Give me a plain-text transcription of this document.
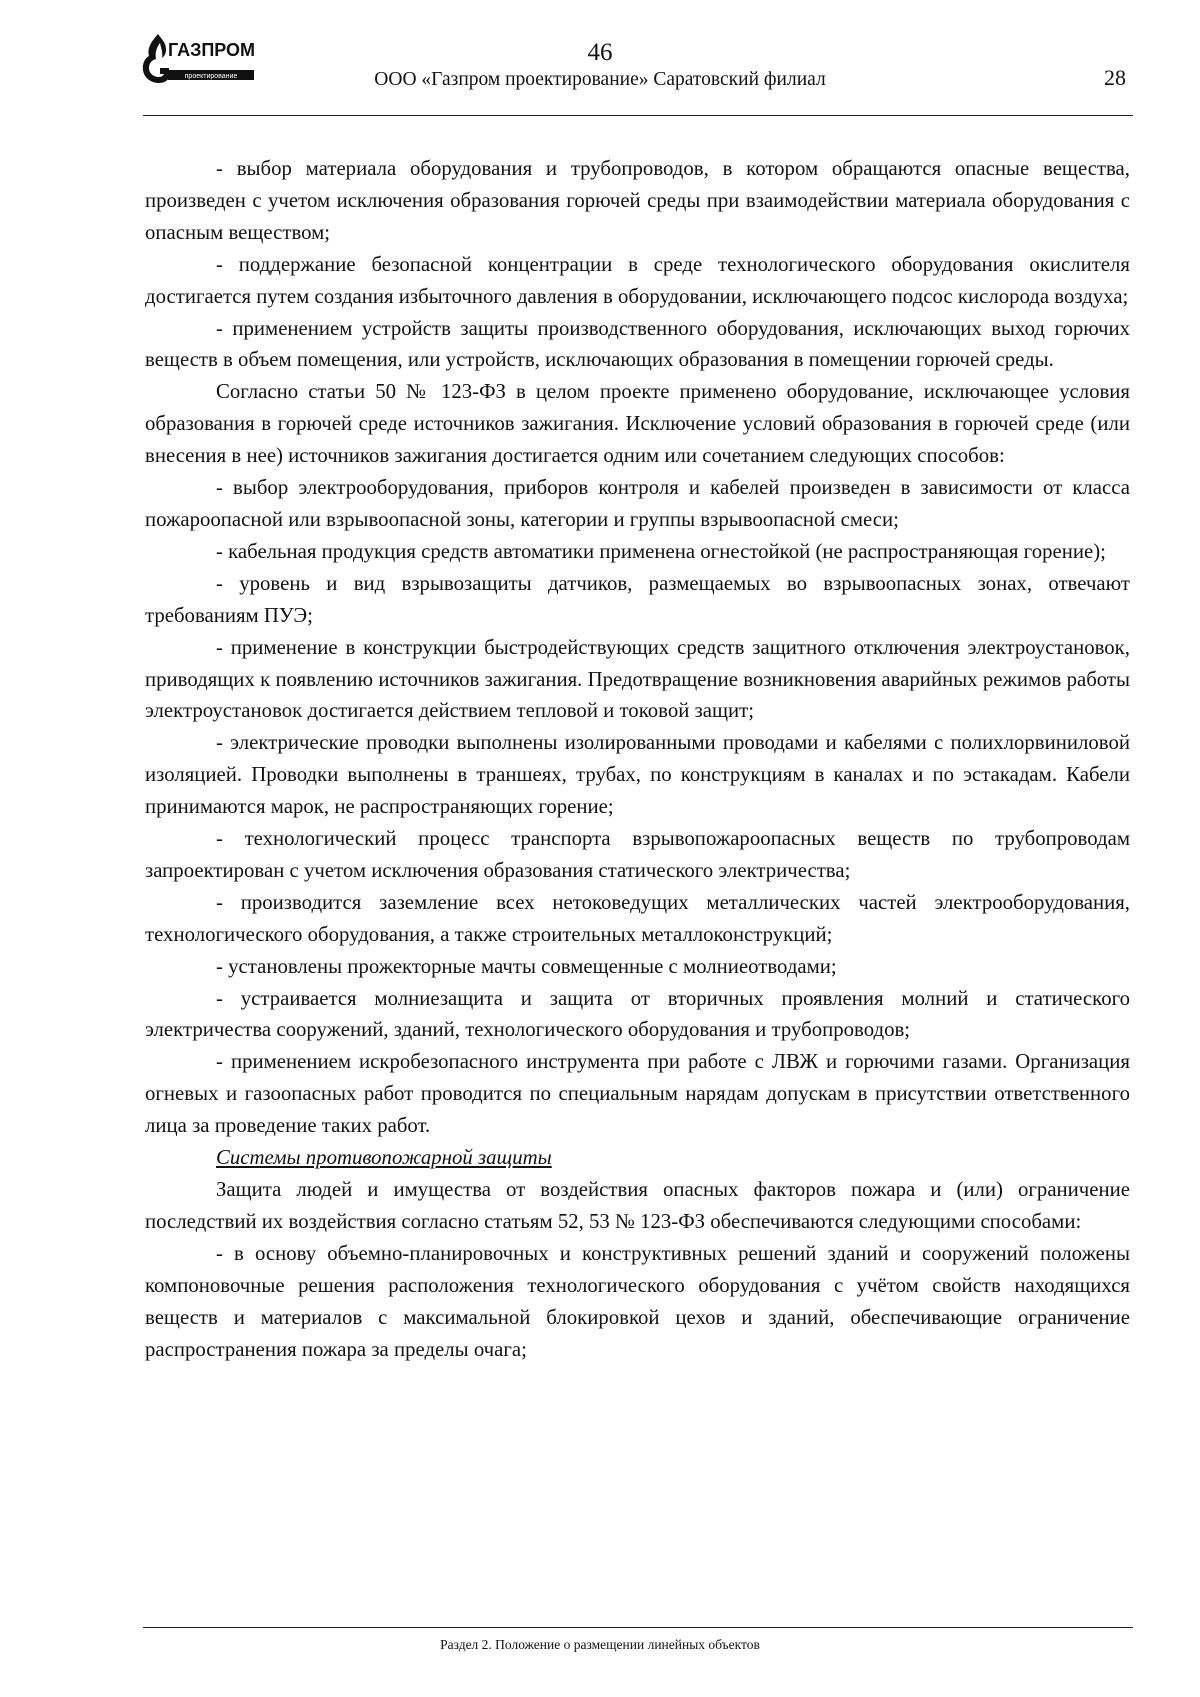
ГАЗПРОМ
проектирование
46
ООО «Газпром проектирование» Саратовский филиал	28

- выбор материала оборудования и трубопроводов, в котором обращаются опасные вещества, произведен с учетом исключения образования горючей среды при взаимодействии материала оборудования с опасным веществом;

- поддержание безопасной концентрации в среде технологического оборудования окислителя достигается путем создания избыточного давления в оборудовании, исключающего подсос кислорода воздуха;

- применением устройств защиты производственного оборудования, исключающих выход горючих веществ в объем помещения, или устройств, исключающих образования в помещении горючей среды.

Согласно статьи 50 № 123-ФЗ в целом проекте применено оборудование, исключающее условия образования в горючей среде источников зажигания. Исключение условий образования в горючей среде (или внесения в нее) источников зажигания достигается одним или сочетанием следующих способов:

- выбор электрооборудования, приборов контроля и кабелей произведен в зависимости от класса пожароопасной или взрывоопасной зоны, категории и группы взрывоопасной смеси;

- кабельная продукция средств автоматики применена огнестойкой (не распространяющая горение);

- уровень и вид взрывозащиты датчиков, размещаемых во взрывоопасных зонах, отвечают требованиям ПУЭ;

- применение в конструкции быстродействующих средств защитного отключения электроустановок, приводящих к появлению источников зажигания. Предотвращение возникновения аварийных режимов работы электроустановок достигается действием тепловой и токовой защит;

- электрические проводки выполнены изолированными проводами и кабелями с полихлорвиниловой изоляцией. Проводки выполнены в траншеях, трубах, по конструкциям в каналах и по эстакадам. Кабели принимаются марок, не распространяющих горение;

- технологический процесс транспорта взрывопожароопасных веществ по трубопроводам запроектирован с учетом исключения образования статического электричества;

- производится заземление всех нетоковедущих металлических частей электрооборудования, технологического оборудования, а также строительных металлоконструкций;

- установлены прожекторные мачты совмещенные с молниеотводами;

- устраивается молниезащита и защита от вторичных проявления молний и статического электричества сооружений, зданий, технологического оборудования и трубопроводов;

- применением искробезопасного инструмента при работе с ЛВЖ и горючими газами. Организация огневых и газоопасных работ проводится по специальным нарядам допускам в присутствии ответственного лица за проведение таких работ.

Системы противопожарной защиты

Защита людей и имущества от воздействия опасных факторов пожара и (или) ограничение последствий их воздействия согласно статьям 52, 53 № 123-ФЗ обеспечиваются следующими способами:

- в основу объемно-планировочных и конструктивных решений зданий и сооружений положены компоновочные решения расположения технологического оборудования с учётом свойств находящихся веществ и материалов с максимальной блокировкой цехов и зданий, обеспечивающие ограничение распространения пожара за пределы очага;

Раздел 2. Положение о размещении линейных объектов
